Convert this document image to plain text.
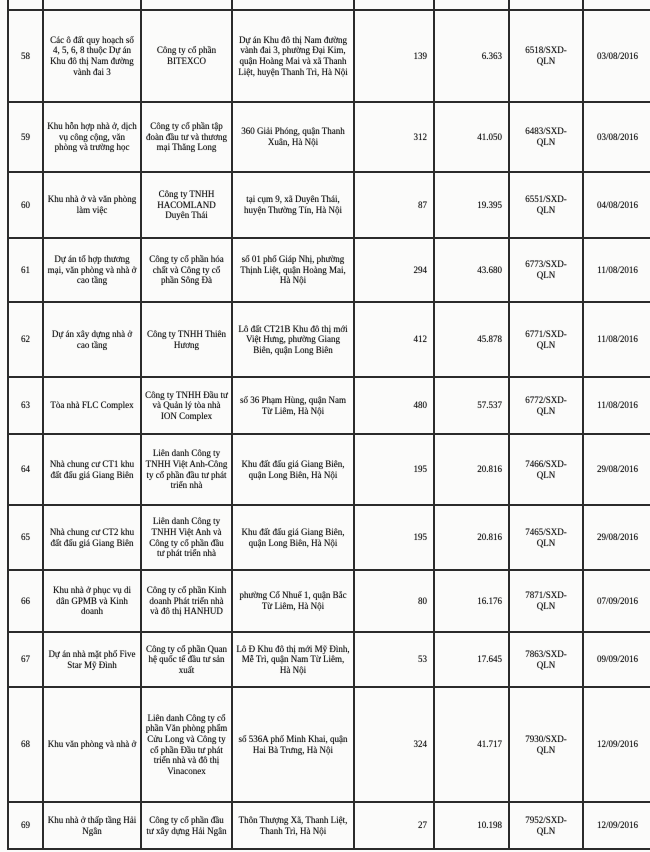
58	Các ô đất quy hoạch số 4, 5, 6, 8 thuộc Dự án Khu đô thị Nam đường vành đai 3	Công ty cổ phần BITEXCO	Dự án Khu đô thị Nam đường vành đai 3, phường Đại Kim, quận Hoàng Mai và xã Thanh Liệt, huyện Thanh Trì, Hà Nội	139	6.363	6518/SXD-QLN	03/08/2016
59	Khu hỗn hợp nhà ở, dịch vụ công cộng, văn phòng và trường học	Công ty cổ phần tập đoàn đầu tư và thương mại Thăng Long	360 Giải Phóng, quận Thanh Xuân, Hà Nội	312	41.050	6483/SXD-QLN	03/08/2016
60	Khu nhà ở và văn phòng làm việc	Công ty TNHH HACOMLAND Duyên Thái	tại cụm 9, xã Duyên Thái, huyện Thường Tín, Hà Nội	87	19.395	6551/SXD-QLN	04/08/2016
61	Dự án tổ hợp thương mại, văn phòng và nhà ở cao tầng	Công ty cổ phần hóa chất và Công ty cổ phần Sông Đà	số 01 phố Giáp Nhị, phường Thịnh Liệt, quận Hoàng Mai, Hà Nội	294	43.680	6773/SXD-QLN	11/08/2016
62	Dự án xây dựng nhà ở cao tầng	Công ty TNHH Thiên Hương	Lô đất CT21B Khu đô thị mới Việt Hưng, phường Giang Biên, quận Long Biên	412	45.878	6771/SXD-QLN	11/08/2016
63	Tòa nhà FLC Complex	Công ty TNHH Đầu tư và Quản lý tòa nhà ION Complex	số 36 Phạm Hùng, quận Nam Từ Liêm, Hà Nội	480	57.537	6772/SXD-QLN	11/08/2016
64	Nhà chung cư CT1 khu đất đấu giá Giang Biên	Liên danh Công ty TNHH Việt Anh-Công ty cổ phần đầu tư phát triển nhà	Khu đất đấu giá Giang Biên, quận Long Biên, Hà Nội	195	20.816	7466/SXD-QLN	29/08/2016
65	Nhà chung cư CT2 khu đất đấu giá Giang Biên	Liên danh Công ty TNHH Việt Anh và Công ty cổ phần đầu tư phát triển nhà	Khu đất đấu giá Giang Biên, quận Long Biên, Hà Nội	195	20.816	7465/SXD-QLN	29/08/2016
66	Khu nhà ở phục vụ di dân GPMB và Kinh doanh	Công ty cổ phần Kinh doanh Phát triển nhà và đô thị HANHUD	phường Cổ Nhuế 1, quận Bắc Từ Liêm, Hà Nội	80	16.176	7871/SXD-QLN	07/09/2016
67	Dự án nhà mặt phố Five Star Mỹ Đình	Công ty cổ phần Quan hệ quốc tế đầu tư sản xuất	Lô Đ Khu đô thị mới Mỹ Đình, Mễ Trì, quận Nam Từ Liêm, Hà Nội	53	17.645	7863/SXD-QLN	09/09/2016
68	Khu văn phòng và nhà ở	Liên danh Công ty cổ phần Văn phòng phẩm Cửu Long và Công ty cổ phần Đầu tư phát triển nhà và đô thị Vinaconex	số 536A phố Minh Khai, quận Hai Bà Trưng, Hà Nội	324	41.717	7930/SXD-QLN	12/09/2016
69	Khu nhà ở thấp tầng Hải Ngân	Công ty cổ phần đầu tư xây dựng Hải Ngân	Thôn Thượng Xã, Thanh Liệt, Thanh Trì, Hà Nội	27	10.198	7952/SXD-QLN	12/09/2016
